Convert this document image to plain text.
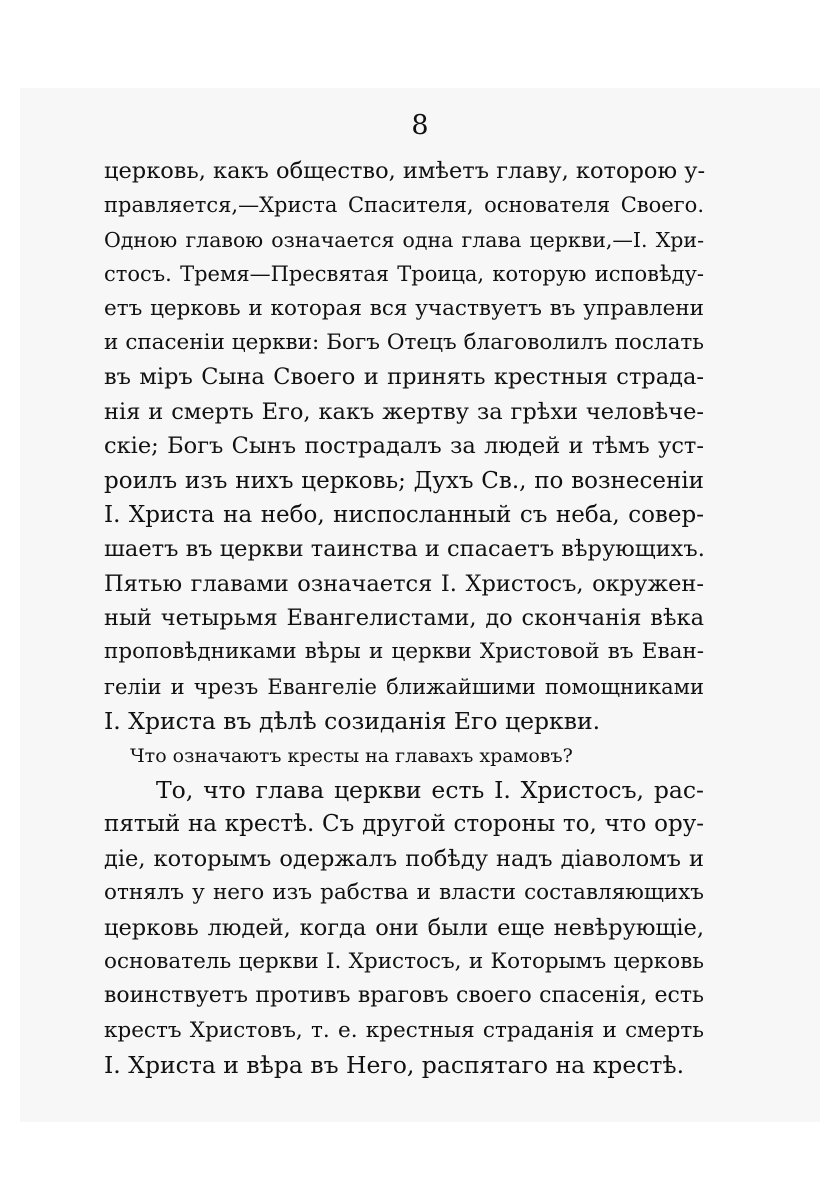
8
церковь, какъ общество, имѣетъ главу, которою у-
правляется,—Христа Спасителя, основателя Своего.
Одною главою означается одна глава церкви,—I. Хри-
стосъ. Тремя—Пресвятая Троица, которую исповѣду-
етъ церковь и которая вся участвуетъ въ управлени
и спасеніи церкви: Богъ Отецъ благоволилъ послать
въ міръ Сына Своего и принять крестныя страда-
нія и смерть Его, какъ жертву за грѣхи человѣче-
скіе; Богъ Сынъ пострадалъ за людей и тѣмъ уст-
роилъ изъ нихъ церковь; Духъ Св., по вознесеніи
I. Христа на небо, ниспосланный съ неба, совер-
шаетъ въ церкви таинства и спасаетъ вѣрующихъ.
Пятью главами означается I. Христосъ, окружен-
ный четырьмя Евангелистами, до скончанія вѣка
проповѣдниками вѣры и церкви Христовой въ Еван-
геліи и чрезъ Евангеліе ближайшими помощниками
I. Христа въ дѣлѣ созиданія Его церкви.
Что означаютъ кресты на главахъ храмовъ?
То, что глава церкви есть I. Христосъ, рас-
пятый на крестѣ. Съ другой стороны то, что ору-
діе, которымъ одержалъ побѣду надъ діаволомъ и
отнялъ у него изъ рабства и власти составляющихъ
церковь людей, когда они были еще невѣрующіе,
основатель церкви I. Христосъ, и Которымъ церковь
воинствуетъ противъ враговъ своего спасенія, есть
крестъ Христовъ, т. е. крестныя страданія и смерть
I. Христа и вѣра въ Него, распятаго на крестѣ.
